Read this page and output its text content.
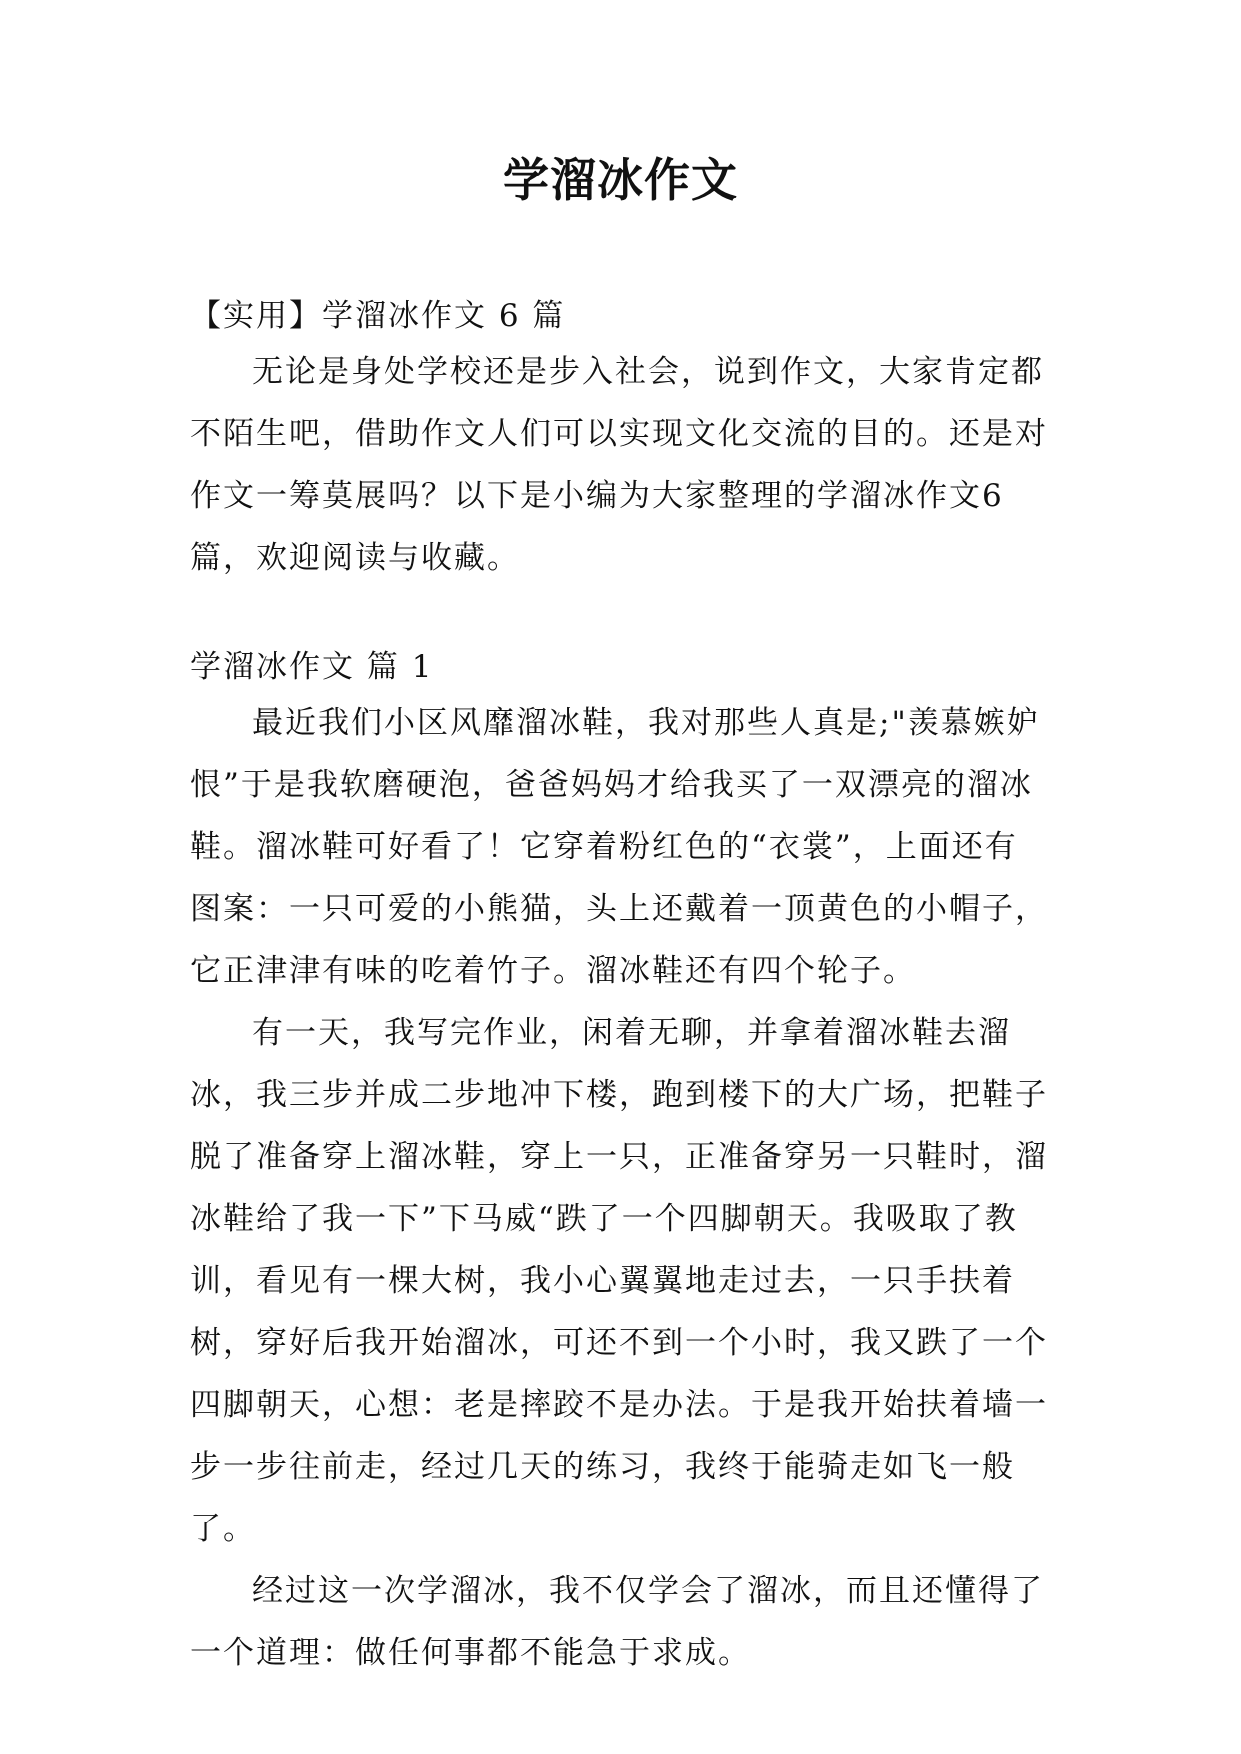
学溜冰作文

【实用】学溜冰作文 6 篇

无论是身处学校还是步入社会，说到作文，大家肯定都不陌生吧，借助作文人们可以实现文化交流的目的。还是对作文一筹莫展吗？以下是小编为大家整理的学溜冰作文6篇，欢迎阅读与收藏。

学溜冰作文 篇 1

最近我们小区风靡溜冰鞋，我对那些人真是;"羡慕嫉妒恨”于是我软磨硬泡，爸爸妈妈才给我买了一双漂亮的溜冰鞋。溜冰鞋可好看了！它穿着粉红色的“衣裳”，上面还有图案：一只可爱的小熊猫，头上还戴着一顶黄色的小帽子，它正津津有味的吃着竹子。溜冰鞋还有四个轮子。

有一天，我写完作业，闲着无聊，并拿着溜冰鞋去溜冰，我三步并成二步地冲下楼，跑到楼下的大广场，把鞋子脱了准备穿上溜冰鞋，穿上一只，正准备穿另一只鞋时，溜冰鞋给了我一下”下马威“跌了一个四脚朝天。我吸取了教训，看见有一棵大树，我小心翼翼地走过去，一只手扶着树，穿好后我开始溜冰，可还不到一个小时，我又跌了一个四脚朝天，心想：老是摔跤不是办法。于是我开始扶着墙一步一步往前走，经过几天的练习，我终于能骑走如飞一般了。

经过这一次学溜冰，我不仅学会了溜冰，而且还懂得了一个道理：做任何事都不能急于求成。
